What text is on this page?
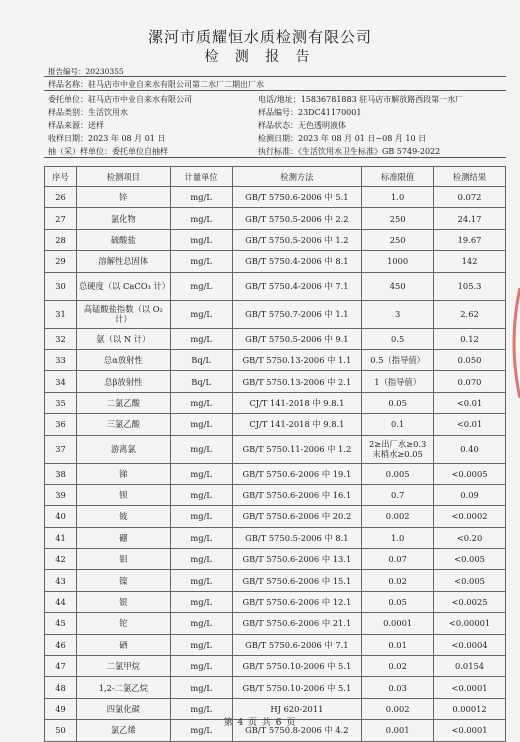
漯河市质耀恒水质检测有限公司
检 测 报 告
报告编号：20230355
样品名称：驻马店市中业自来水有限公司第二水厂二期出厂水
委托单位：驻马店市中业自来水有限公司	电话/地址：15836781883 驻马店市解放路西段第一水厂
样品类别：生活饮用水	样品编号：23DC41170001
样品来源：送样	样品状态：无色透明液体
收样日期：2023 年 08 月 01 日	检测日期：2023 年 08 月 01 日~08 月 10 日
抽（采）样单位：委托单位自抽样	执行标准：《生活饮用水卫生标准》GB 5749-2022
序号	检测项目	计量单位	检测方法	标准限值	检测结果
26	锌	mg/L	GB/T 5750.6-2006 中 5.1	1.0	0.072
27	氯化物	mg/L	GB/T 5750.5-2006 中 2.2	250	24.17
28	硫酸盐	mg/L	GB/T 5750.5-2006 中 1.2	250	19.67
29	溶解性总固体	mg/L	GB/T 5750.4-2006 中 8.1	1000	142
30	总硬度（以 CaCO₃ 计）	mg/L	GB/T 5750.4-2006 中 7.1	450	105.3
31	高锰酸盐指数（以 O₂ 计）	mg/L	GB/T 5750.7-2006 中 1.1	3	2.62
32	氨（以 N 计）	mg/L	GB/T 5750.5-2006 中 9.1	0.5	0.12
33	总α放射性	Bq/L	GB/T 5750.13-2006 中 1.1	0.5（指导值）	0.050
34	总β放射性	Bq/L	GB/T 5750.13-2006 中 2.1	1（指导值）	0.070
35	二氯乙酸	mg/L	CJ/T 141-2018 中 9.8.1	0.05	<0.01
36	三氯乙酸	mg/L	CJ/T 141-2018 中 9.8.1	0.1	<0.01
37	游离氯	mg/L	GB/T 5750.11-2006 中 1.2	2≥出厂水≥0.3
末梢水≥0.05	0.40
38	锑	mg/L	GB/T 5750.6-2006 中 19.1	0.005	<0.0005
39	钡	mg/L	GB/T 5750.6-2006 中 16.1	0.7	0.09
40	铍	mg/L	GB/T 5750.6-2006 中 20.2	0.002	<0.0002
41	硼	mg/L	GB/T 5750.5-2006 中 8.1	1.0	<0.20
42	钼	mg/L	GB/T 5750.6-2006 中 13.1	0.07	<0.005
43	镍	mg/L	GB/T 5750.6-2006 中 15.1	0.02	<0.005
44	银	mg/L	GB/T 5750.6-2006 中 12.1	0.05	<0.0025
45	铊	mg/L	GB/T 5750.6-2006 中 21.1	0.0001	<0.00001
46	硒	mg/L	GB/T 5750.6-2006 中 7.1	0.01	<0.0004
47	二氯甲烷	mg/L	GB/T 5750.10-2006 中 5.1	0.02	0.0154
48	1,2-二氯乙烷	mg/L	GB/T 5750.10-2006 中 5.1	0.03	<0.0001
49	四氯化碳	mg/L	HJ 620-2011	0.002	0.00012
50	氯乙烯	mg/L	GB/T 5750.8-2006 中 4.2	0.001	<0.0001
第 4 页 共 6 页
